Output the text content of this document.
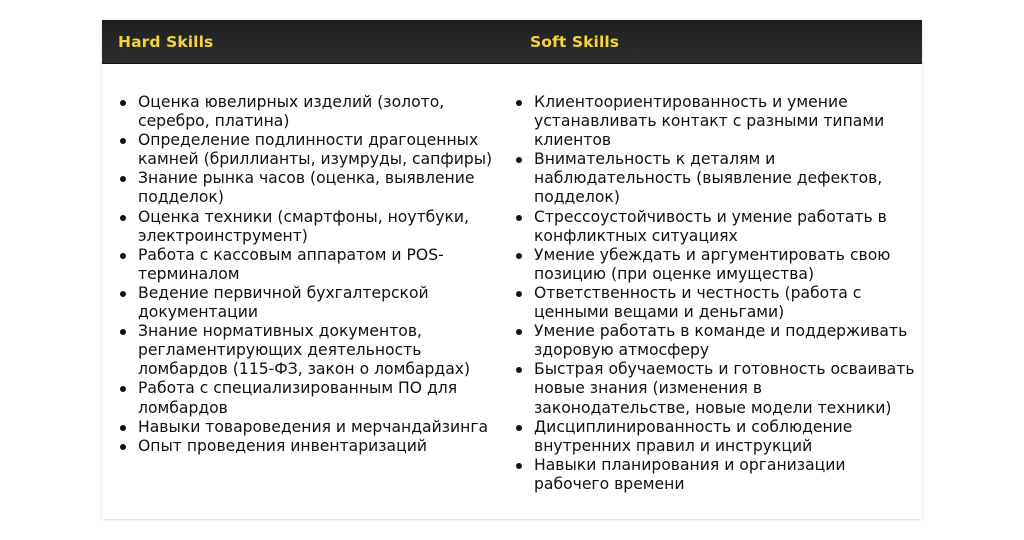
Hard Skills	Soft Skills
Оценка ювелирных изделий (золото, серебро, платина)
Определение подлинности драгоценных камней (бриллианты, изумруды, сапфиры)
Знание рынка часов (оценка, выявление подделок)
Оценка техники (смартфоны, ноутбуки, электроинструмент)
Работа с кассовым аппаратом и POS-терминалом
Ведение первичной бухгалтерской документации
Знание нормативных документов, регламентирующих деятельность ломбардов (115-ФЗ, закон о ломбардах)
Работа с специализированным ПО для ломбардов
Навыки товароведения и мерчандайзинга
Опыт проведения инвентаризаций
Клиентоориентированность и умение устанавливать контакт с разными типами клиентов
Внимательность к деталям и наблюдательность (выявление дефектов, подделок)
Стрессоустойчивость и умение работать в конфликтных ситуациях
Умение убеждать и аргументировать свою позицию (при оценке имущества)
Ответственность и честность (работа с ценными вещами и деньгами)
Умение работать в команде и поддерживать здоровую атмосферу
Быстрая обучаемость и готовность осваивать новые знания (изменения в законодательстве, новые модели техники)
Дисциплинированность и соблюдение внутренних правил и инструкций
Навыки планирования и организации рабочего времени
